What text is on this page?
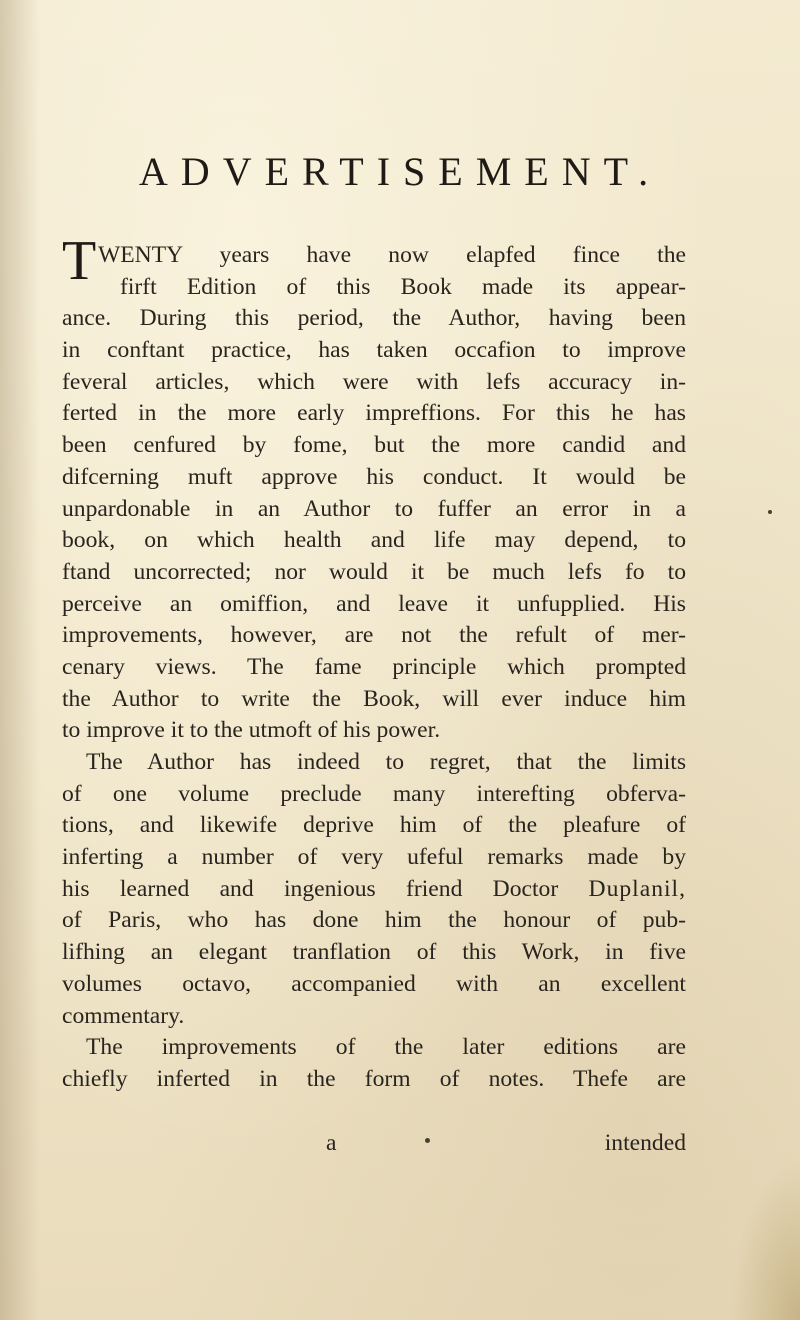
ADVERTISEMENT.
T WENTY years have now elapfed fince the
firft Edition of this Book made its appear-
ance. During this period, the Author, having been
in conftant practice, has taken occafion to improve
feveral articles, which were with lefs accuracy in-
ferted in the more early impreffions. For this he has
been cenfured by fome, but the more candid and
difcerning muft approve his conduct. It would be
unpardonable in an Author to fuffer an error in a
book, on which health and life may depend, to
ftand uncorrected; nor would it be much lefs fo to
perceive an omiffion, and leave it unfupplied. His
improvements, however, are not the refult of mer-
cenary views. The fame principle which prompted
the Author to write the Book, will ever induce him
to improve it to the utmoft of his power.
The Author has indeed to regret, that the limits
of one volume preclude many interefting obferva-
tions, and likewife deprive him of the pleafure of
inferting a number of very ufeful remarks made by
his learned and ingenious friend Doctor Duplanil,
of Paris, who has done him the honour of pub-
lifhing an elegant tranflation of this Work, in five
volumes octavo, accompanied with an excellent
commentary.
The improvements of the later editions are
chiefly inferted in the form of notes. Thefe are
a	intended
